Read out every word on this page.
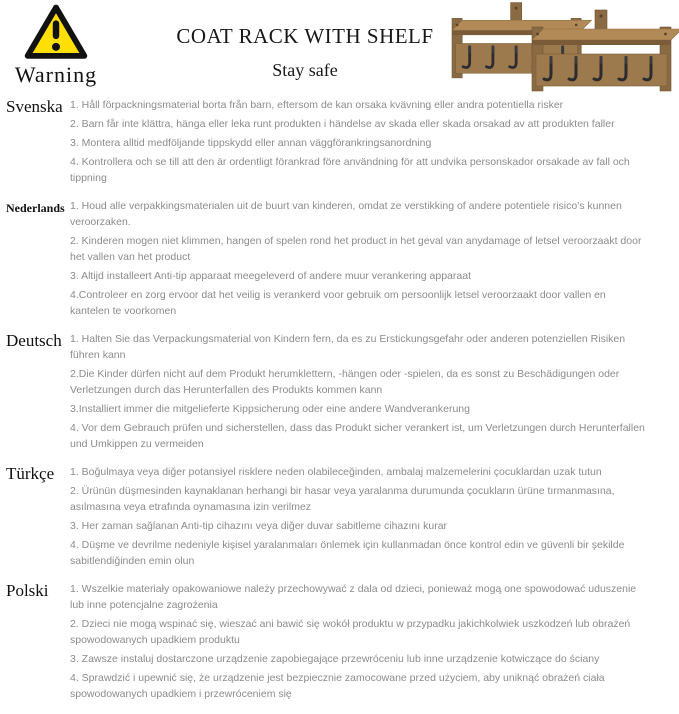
Warning
COAT RACK WITH SHELF
Stay safe
Svenska 1. Håll förpackningsmaterial borta från barn, eftersom de kan orsaka kvävning eller andra potentiella risker

2. Barn får inte klättra, hänga eller leka runt produkten i händelse av skada eller skada orsakad av att produkten faller

3. Montera alltid medföljande tippskydd eller annan väggförankringsanordning

4. Kontrollera och se till att den är ordentligt förankrad före användning för att undvika personskador orsakade av fall och tippning

Nederlands 1. Houd alle verpakkingsmaterialen uit de buurt van kinderen, omdat ze verstikking of andere potentiele risico's kunnen veroorzaken.

2. Kinderen mogen niet klimmen, hangen of spelen rond het product in het geval van anydamage of letsel veroorzaakt door het vallen van het product

3. Altijd installeert Anti-tip apparaat meegeleverd of andere muur verankering apparaat

4.Controleer en zorg ervoor dat het veilig is verankerd voor gebruik om persoonlijk letsel veroorzaakt door vallen en kantelen te voorkomen

Deutsch 1. Halten Sie das Verpackungsmaterial von Kindern fern, da es zu Erstickungsgefahr oder anderen potenziellen Risiken führen kann

2.Die Kinder dürfen nicht auf dem Produkt herumklettern, -hängen oder -spielen, da es sonst zu Beschädigungen oder Verletzungen durch das Herunterfallen des Produkts kommen kann

3.Installiert immer die mitgelieferte Kippsicherung oder eine andere Wandverankerung

4. Vor dem Gebrauch prüfen und sicherstellen, dass das Produkt sicher verankert ist, um Verletzungen durch Herunterfallen und Umkippen zu vermeiden

Türkçe	1. Boğulmaya veya diğer potansiyel risklere neden olabileceğinden, ambalaj malzemelerini çocuklardan uzak tutun

2. Ürünün düşmesinden kaynaklanan herhangi bir hasar veya yaralanma durumunda çocukların ürüne tırmanmasına, asılmasına veya etrafında oynamasına izin verilmez

3. Her zaman sağlanan Anti-tip cihazını veya diğer duvar sabitleme cihazını kurar

4. Düşme ve devrilme nedeniyle kişisel yaralanmaları önlemek için kullanmadan önce kontrol edin ve güvenli bir şekilde sabitlendiğinden emin olun

Polski	1. Wszelkie materiały opakowaniowe należy przechowywać z dala od dzieci, ponieważ mogą one spowodować uduszenie lub inne potencjalne zagrożenia

2. Dzieci nie mogą wspinać się, wieszać ani bawić się wokół produktu w przypadku jakichkolwiek uszkodzeń lub obrażeń spowodowanych upadkiem produktu

3. Zawsze instaluj dostarczone urządzenie zapobiegające przewróceniu lub inne urządzenie kotwiczące do ściany

4. Sprawdzić i upewnić się, że urządzenie jest bezpiecznie zamocowane przed użyciem, aby uniknąć obrażeń ciała spowodowanych upadkiem i przewróceniem się
